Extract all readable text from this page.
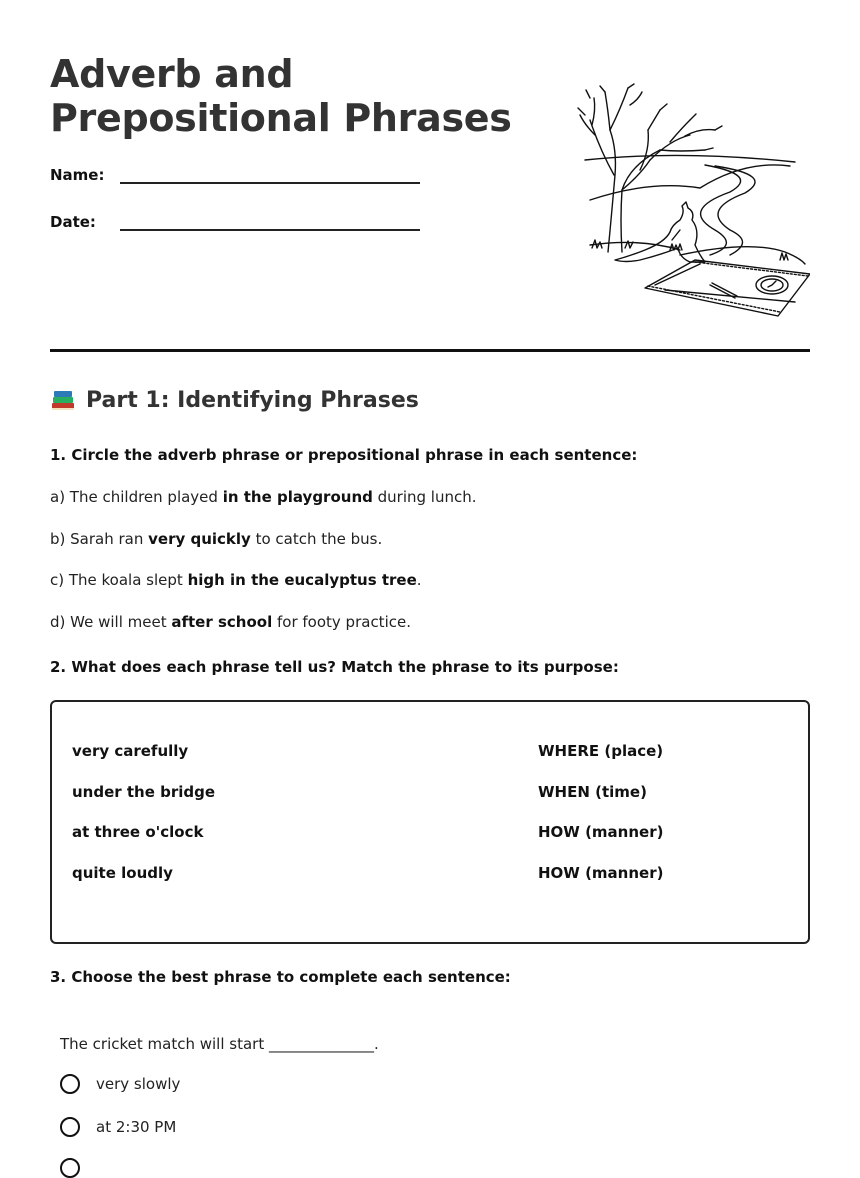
Adverb and
Prepositional Phrases
Name:
Date:
Part 1: Identifying Phrases
1. Circle the adverb phrase or prepositional phrase in each sentence:
a) The children played in the playground during lunch.
b) Sarah ran very quickly to catch the bus.
c) The koala slept high in the eucalyptus tree.
d) We will meet after school for footy practice.
2. What does each phrase tell us? Match the phrase to its purpose:
very carefully
under the bridge
at three o'clock
quite loudly
WHERE (place)
WHEN (time)
HOW (manner)
HOW (manner)
3. Choose the best phrase to complete each sentence:
The cricket match will start ______________.
very slowly
at 2:30 PM
